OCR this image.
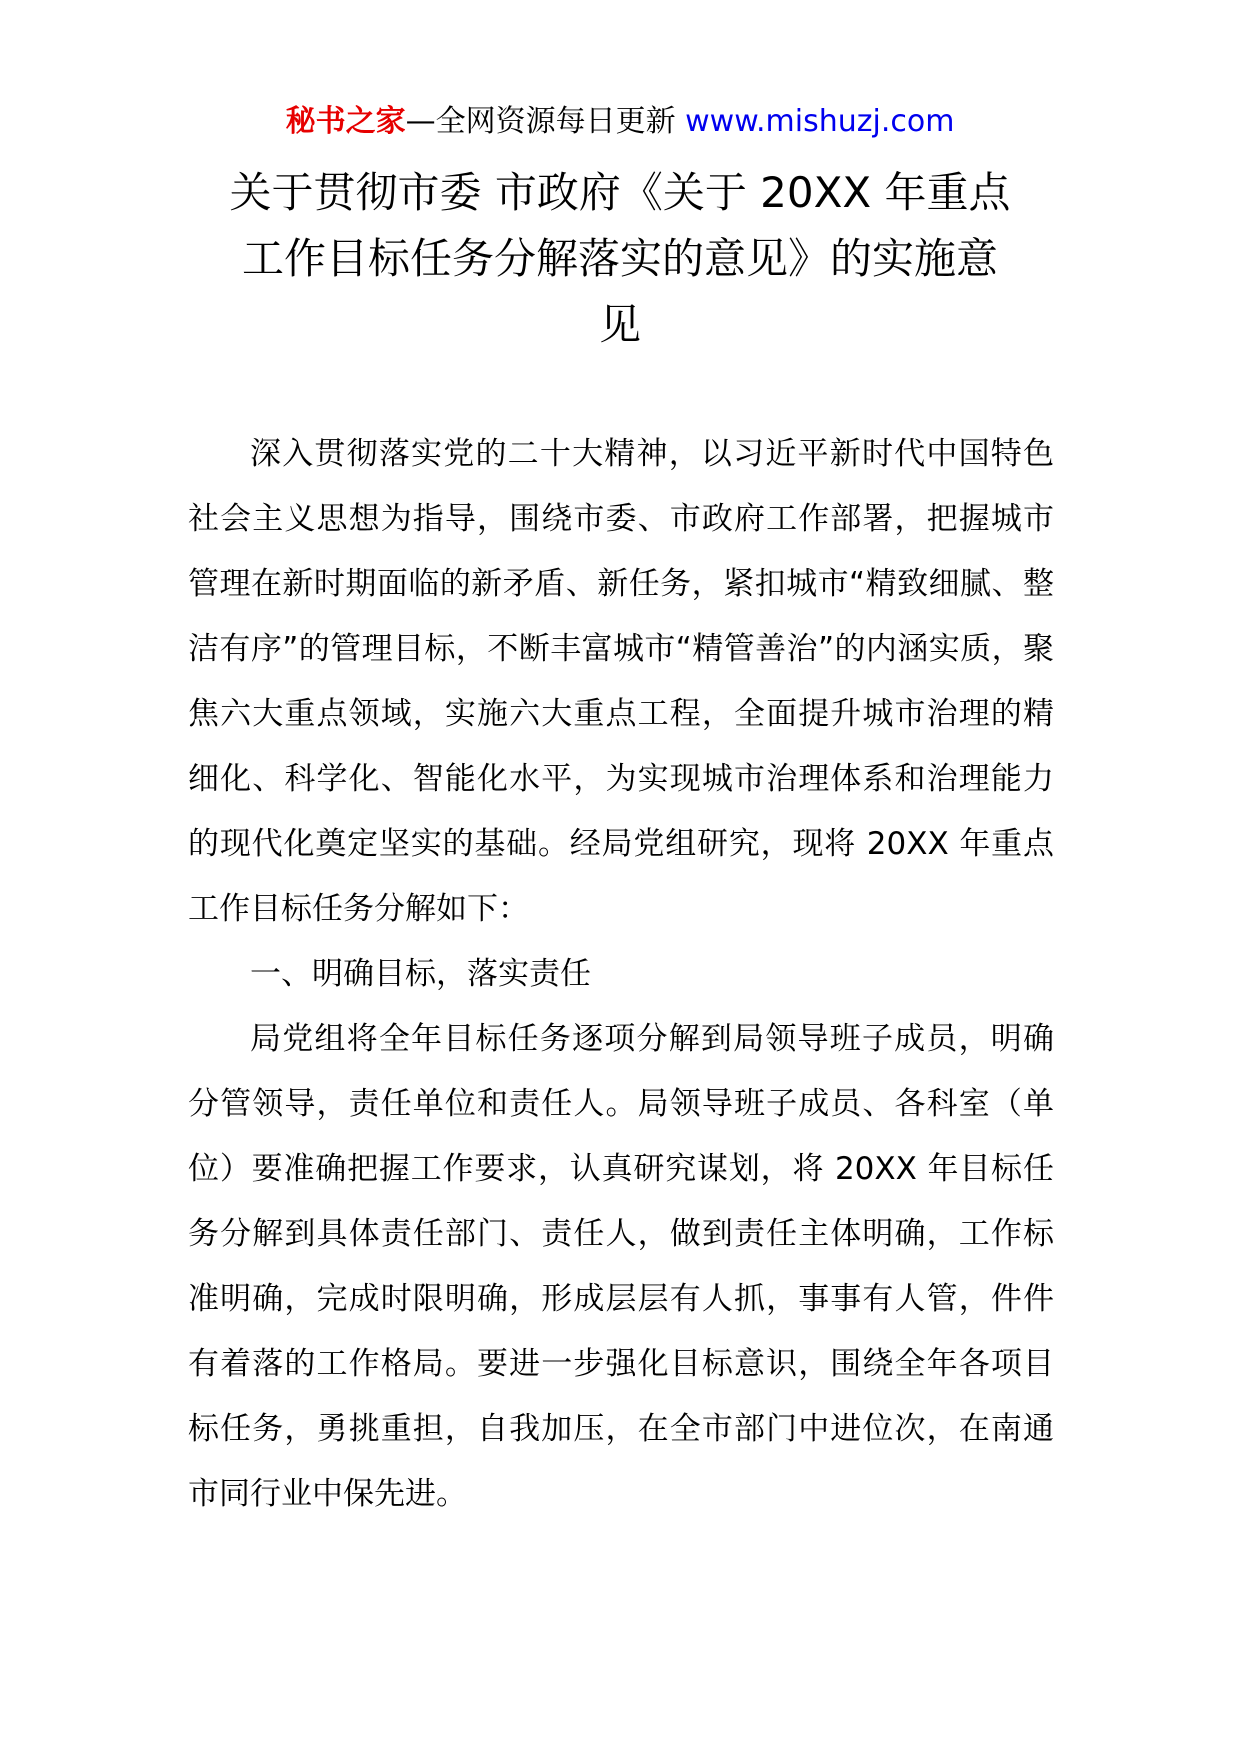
秘书之家—全网资源每日更新 www.mishuzj.com
关于贯彻市委 市政府《关于 20XX 年重点
工作目标任务分解落实的意见》的实施意
见

深入贯彻落实党的二十大精神，以习近平新时代中国特色社会主义思想为指导，围绕市委、市政府工作部署，把握城市管理在新时期面临的新矛盾、新任务，紧扣城市“精致细腻、整洁有序”的管理目标，不断丰富城市“精管善治”的内涵实质，聚焦六大重点领域，实施六大重点工程，全面提升城市治理的精细化、科学化、智能化水平，为实现城市治理体系和治理能力的现代化奠定坚实的基础。经局党组研究，现将 20XX 年重点工作目标任务分解如下：

一、明确目标，落实责任

局党组将全年目标任务逐项分解到局领导班子成员，明确分管领导，责任单位和责任人。局领导班子成员、各科室（单位）要准确把握工作要求，认真研究谋划，将 20XX 年目标任务分解到具体责任部门、责任人，做到责任主体明确，工作标准明确，完成时限明确，形成层层有人抓，事事有人管，件件有着落的工作格局。要进一步强化目标意识，围绕全年各项目标任务，勇挑重担，自我加压，在全市部门中进位次，在南通市同行业中保先进。
